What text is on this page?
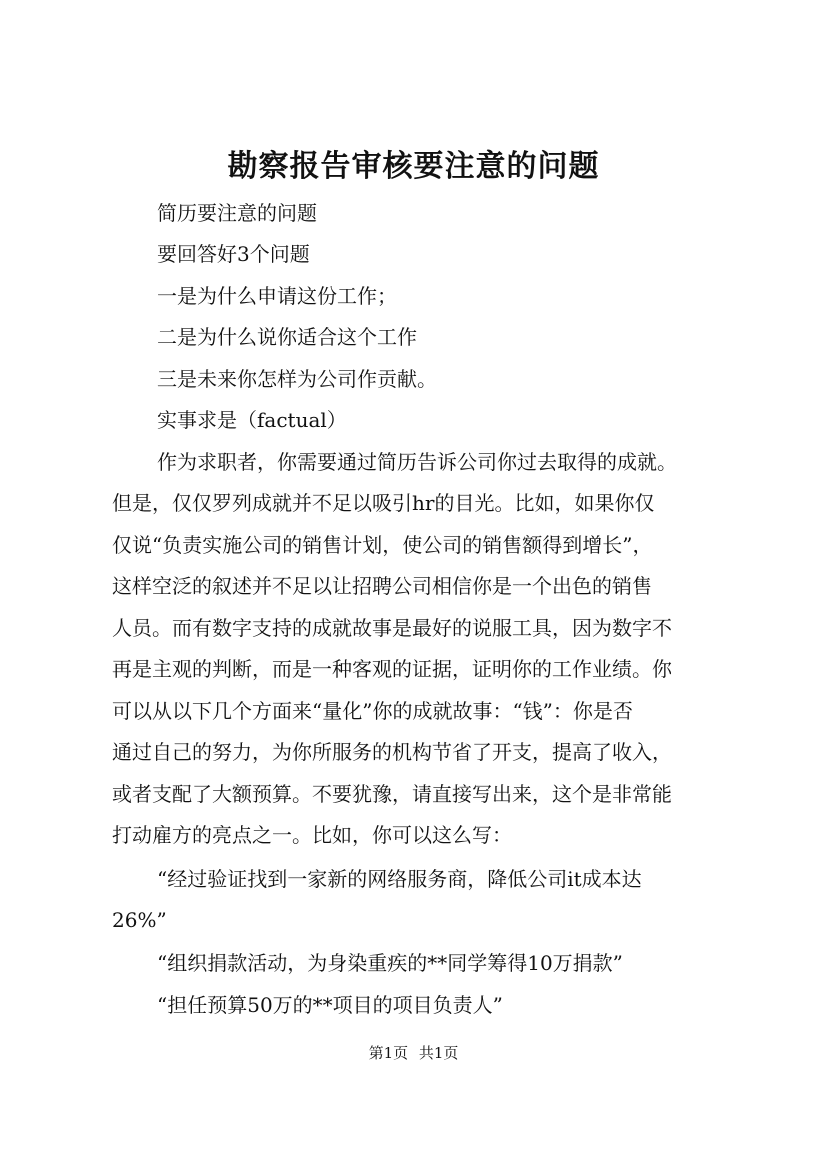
勘察报告审核要注意的问题
简历要注意的问题
要回答好3个问题
一是为什么申请这份工作；
二是为什么说你适合这个工作
三是未来你怎样为公司作贡献。
实事求是（factual）
作为求职者，你需要通过简历告诉公司你过去取得的成就。
但是，仅仅罗列成就并不足以吸引hr的目光。比如，如果你仅
仅说“负责实施公司的销售计划，使公司的销售额得到增长”，
这样空泛的叙述并不足以让招聘公司相信你是一个出色的销售
人员。而有数字支持的成就故事是最好的说服工具，因为数字不
再是主观的判断，而是一种客观的证据，证明你的工作业绩。你
可以从以下几个方面来“量化”你的成就故事：“钱”：你是否
通过自己的努力，为你所服务的机构节省了开支，提高了收入，
或者支配了大额预算。不要犹豫，请直接写出来，这个是非常能
打动雇方的亮点之一。比如，你可以这么写：
“经过验证找到一家新的网络服务商，降低公司it成本达
26%”
“组织捐款活动，为身染重疾的**同学筹得10万捐款”
“担任预算50万的**项目的项目负责人”
第1页 共1页
